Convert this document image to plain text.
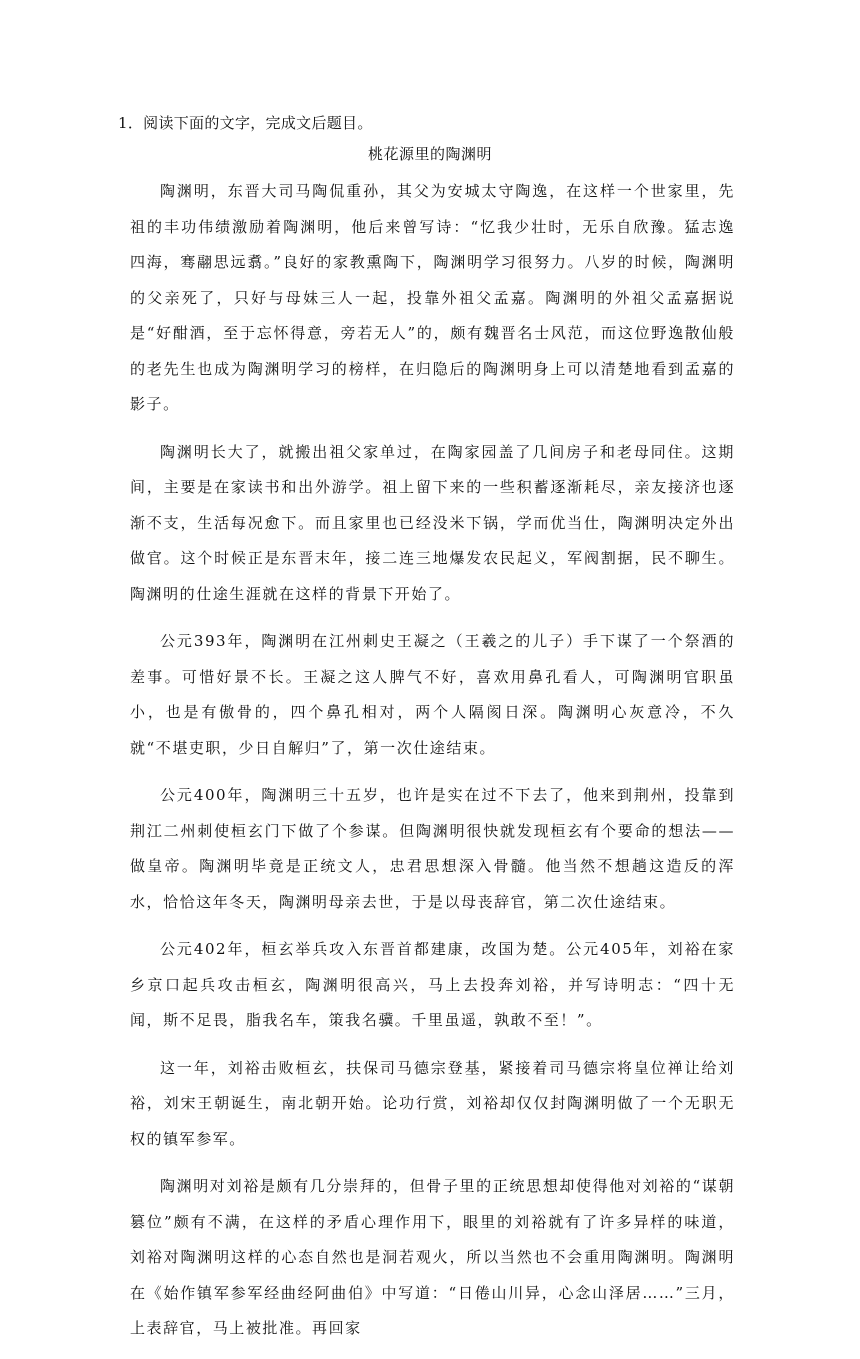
1．阅读下面的文字，完成文后题目。
桃花源里的陶渊明

陶渊明，东晋大司马陶侃重孙，其父为安城太守陶逸，在这样一个世家里，先祖的丰功伟绩激励着陶渊明，他后来曾写诗：“忆我少壮时，无乐自欣豫。猛志逸四海，骞翮思远翥。”良好的家教熏陶下，陶渊明学习很努力。八岁的时候，陶渊明的父亲死了，只好与母妹三人一起，投靠外祖父孟嘉。陶渊明的外祖父孟嘉据说是“好酣酒，至于忘怀得意，旁若无人”的，颇有魏晋名士风范，而这位野逸散仙般的老先生也成为陶渊明学习的榜样，在归隐后的陶渊明身上可以清楚地看到孟嘉的影子。

陶渊明长大了，就搬出祖父家单过，在陶家园盖了几间房子和老母同住。这期间，主要是在家读书和出外游学。祖上留下来的一些积蓄逐渐耗尽，亲友接济也逐渐不支，生活每况愈下。而且家里也已经没米下锅，学而优当仕，陶渊明决定外出做官。这个时候正是东晋末年，接二连三地爆发农民起义，军阀割据，民不聊生。陶渊明的仕途生涯就在这样的背景下开始了。

公元393年，陶渊明在江州刺史王凝之（王羲之的儿子）手下谋了一个祭酒的差事。可惜好景不长。王凝之这人脾气不好，喜欢用鼻孔看人，可陶渊明官职虽小，也是有傲骨的，四个鼻孔相对，两个人隔阂日深。陶渊明心灰意冷，不久就“不堪吏职，少日自解归”了，第一次仕途结束。

公元400年，陶渊明三十五岁，也许是实在过不下去了，他来到荆州，投靠到荆江二州刺使桓玄门下做了个参谋。但陶渊明很快就发现桓玄有个要命的想法——做皇帝。陶渊明毕竟是正统文人，忠君思想深入骨髓。他当然不想趟这造反的浑水，恰恰这年冬天，陶渊明母亲去世，于是以母丧辞官，第二次仕途结束。

公元402年，桓玄举兵攻入东晋首都建康，改国为楚。公元405年，刘裕在家乡京口起兵攻击桓玄，陶渊明很高兴，马上去投奔刘裕，并写诗明志：“四十无闻，斯不足畏，脂我名车，策我名骥。千里虽遥，孰敢不至！”。

这一年，刘裕击败桓玄，扶保司马德宗登基，紧接着司马德宗将皇位禅让给刘裕，刘宋王朝诞生，南北朝开始。论功行赏，刘裕却仅仅封陶渊明做了一个无职无权的镇军参军。

陶渊明对刘裕是颇有几分崇拜的，但骨子里的正统思想却使得他对刘裕的“谋朝篡位”颇有不满，在这样的矛盾心理作用下，眼里的刘裕就有了许多异样的味道，刘裕对陶渊明这样的心态自然也是洞若观火，所以当然也不会重用陶渊明。陶渊明在《始作镇军参军经曲经阿曲伯》中写道：“日倦山川异，心念山泽居……”三月，上表辞官，马上被批准。再回家
